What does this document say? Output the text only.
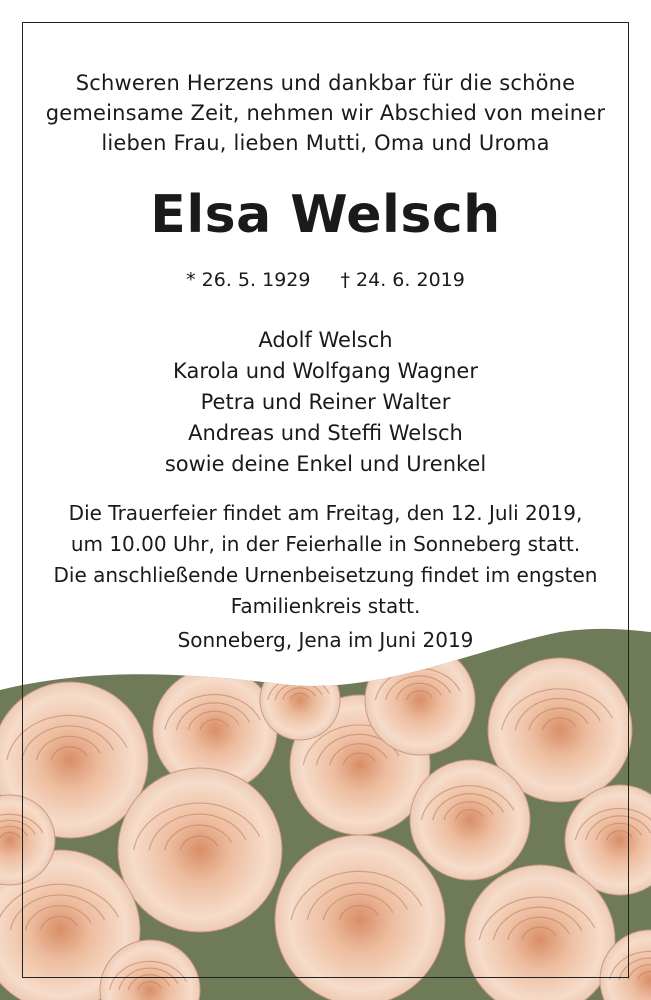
Schweren Herzens und dankbar für die schöne
gemeinsame Zeit, nehmen wir Abschied von meiner
lieben Frau, lieben Mutti, Oma und Uroma
Elsa Welsch
* 26. 5. 1929 † 24. 6. 2019
Adolf Welsch
Karola und Wolfgang Wagner
Petra und Reiner Walter
Andreas und Steffi Welsch
sowie deine Enkel und Urenkel
Die Trauerfeier findet am Freitag, den 12. Juli 2019,
um 10.00 Uhr, in der Feierhalle in Sonneberg statt.
Die anschließende Urnenbeisetzung findet im engsten
Familienkreis statt.
Sonneberg, Jena im Juni 2019
